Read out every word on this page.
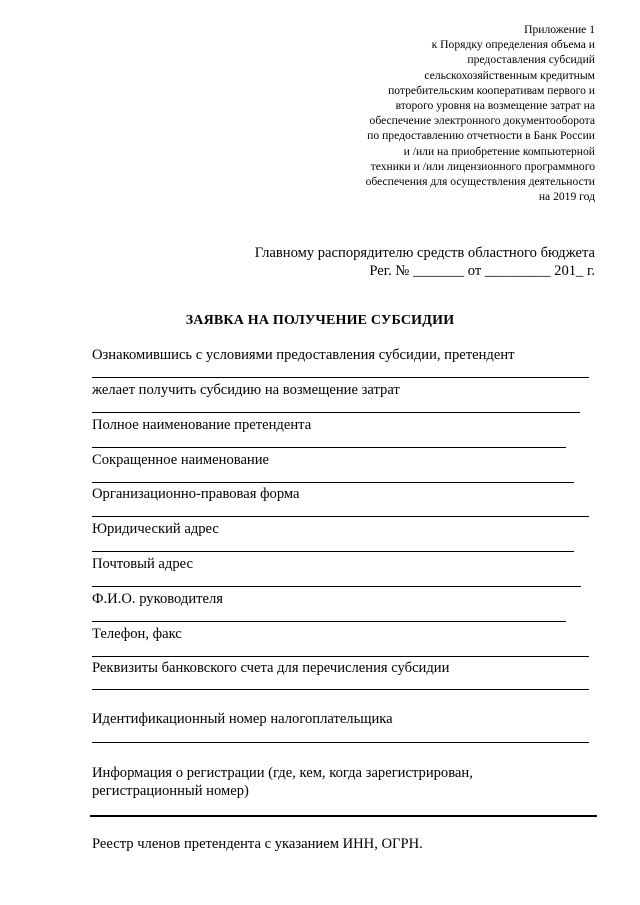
Приложение 1
к Порядку определения объема и
предоставления субсидий
сельскохозяйственным кредитным
потребительским кооперативам первого и
второго уровня на возмещение затрат на
обеспечение электронного документооборота
по предоставлению отчетности в Банк России
и /или на приобретение компьютерной
техники и /или лицензионного программного
обеспечения для осуществления деятельности
на 2019 год
Главному распорядителю средств областного бюджета
Рег. № _______ от _________ 201_ г.
ЗАЯВКА НА ПОЛУЧЕНИЕ СУБСИДИИ
Ознакомившись с условиями предоставления субсидии, претендент
желает получить субсидию на возмещение затрат
Полное наименование претендента
Сокращенное наименование
Организационно-правовая форма
Юридический адрес
Почтовый адрес
Ф.И.О. руководителя
Телефон, факс
Реквизиты банковского счета для перечисления субсидии
Идентификационный номер налогоплательщика
Информация о регистрации (где, кем, когда зарегистрирован,
регистрационный номер)
Реестр членов претендента с указанием ИНН, ОГРН.
